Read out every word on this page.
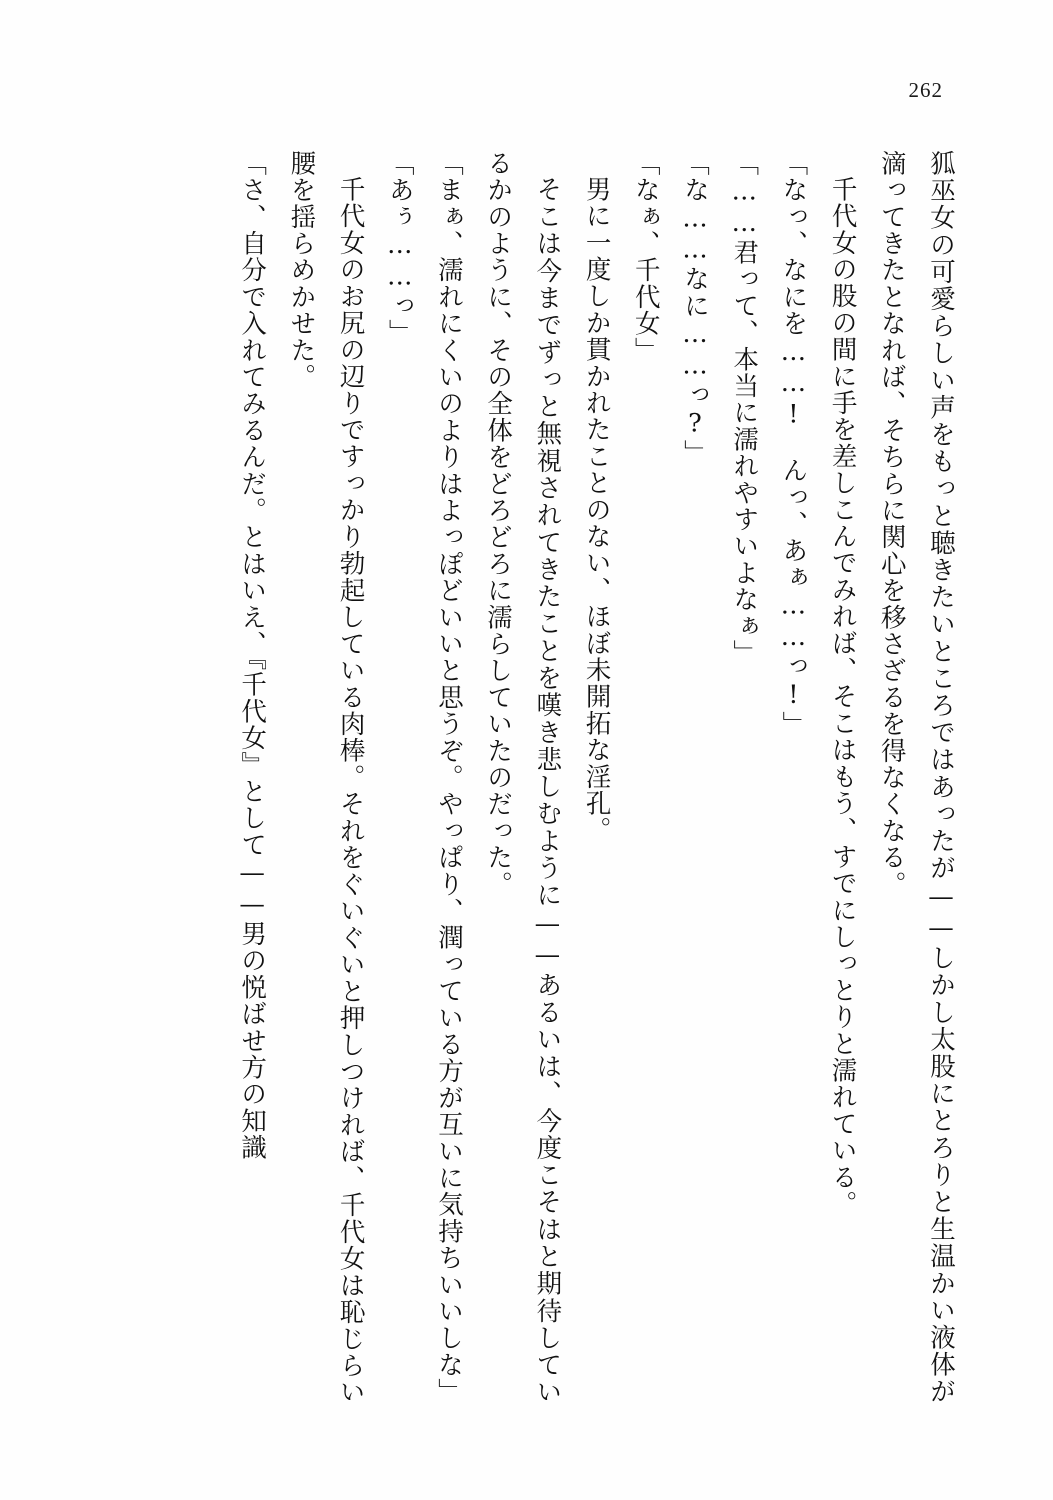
262

狐巫女の可愛らしい声をもっと聴きたいところではあったが——しかし太股にとろりと生温かい液体が滴ってきたとなれば、そちらに関心を移さざるを得なくなる。

千代女の股の間に手を差しこんでみれば、そこはもう、すでにしっとりと濡れている。

「なっ、なにを……!　んっ、あぁ……っ!」

「……君って、本当に濡れやすいよなぁ」

「な……なに……っ?」

「なぁ、千代女」

男に一度しか貫かれたことのない、ほぼ未開拓な淫孔。

そこは今までずっと無視されてきたことを嘆き悲しむように——あるいは、今度こそはと期待しているかのように、その全体をどろどろに濡らしていたのだった。

「まぁ、濡れにくいのよりはよっぽどいいと思うぞ。やっぱり、潤っている方が互いに気持ちいいしな」

「あぅ……っ」

千代女のお尻の辺りですっかり勃起している肉棒。それをぐいぐいと押しつければ、千代女は恥じらい腰を揺らめかせた。

「さ、自分で入れてみるんだ。とはいえ、『千代女』として——男の悦ばせ方の知識
